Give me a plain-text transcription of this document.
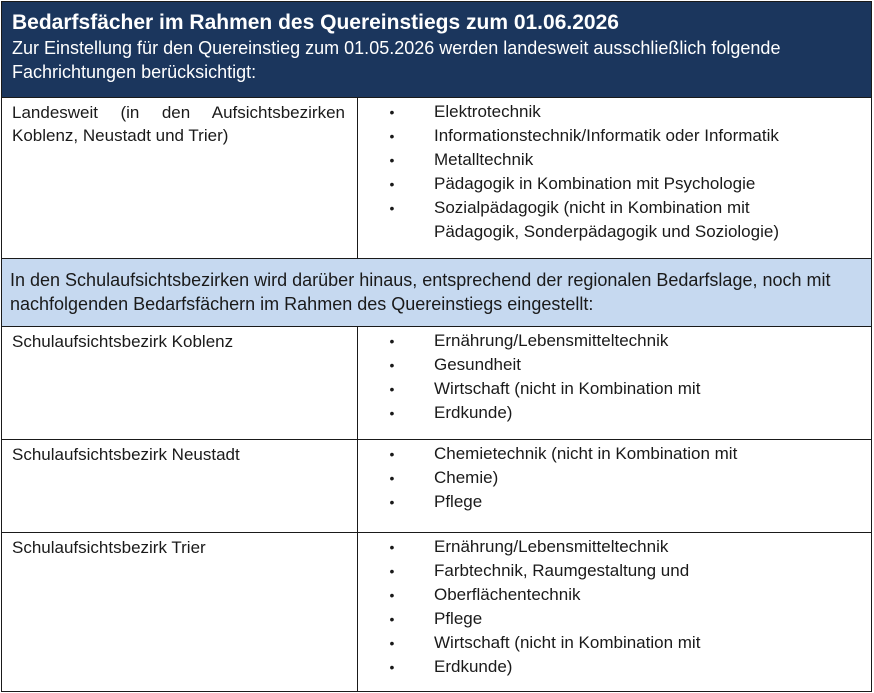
Bedarfsfächer im Rahmen des Quereinstiegs zum 01.06.2026
Zur Einstellung für den Quereinstieg zum 01.05.2026 werden landesweit ausschließlich folgende Fachrichtungen berücksichtigt:
Landesweit (in den Aufsichtsbezirken Koblenz, Neustadt und Trier)
•	Elektrotechnik
•	Informationstechnik/Informatik oder Informatik
•	Metalltechnik
•	Pädagogik in Kombination mit Psychologie
•	Sozialpädagogik (nicht in Kombination mit
Pädagogik, Sonderpädagogik und Soziologie)
In den Schulaufsichtsbezirken wird darüber hinaus, entsprechend der regionalen Bedarfslage, noch mit nachfolgenden Bedarfsfächern im Rahmen des Quereinstiegs eingestellt:
Schulaufsichtsbezirk Koblenz	•	Ernährung/Lebensmitteltechnik
•	Gesundheit
•	Wirtschaft (nicht in Kombination mit
•	Erdkunde)
Schulaufsichtsbezirk Neustadt	•	Chemietechnik (nicht in Kombination mit
•	Chemie)
•	Pflege
Schulaufsichtsbezirk Trier	•	Ernährung/Lebensmitteltechnik
•	Farbtechnik, Raumgestaltung und
•	Oberflächentechnik
•	Pflege
•	Wirtschaft (nicht in Kombination mit
•	Erdkunde)
